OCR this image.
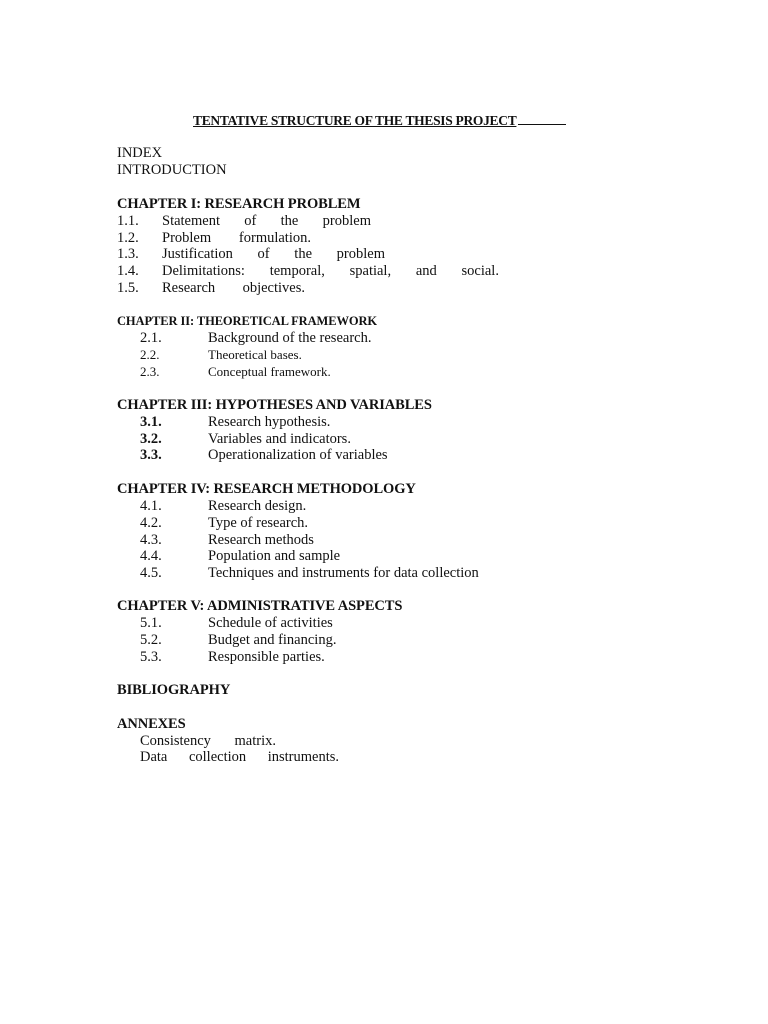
TENTATIVE STRUCTURE OF THE THESIS PROJECT
INDEX
INTRODUCTION
CHAPTER I: RESEARCH PROBLEM
1.1. Statement of the problem
1.2. Problem formulation.
1.3. Justification of the problem
1.4. Delimitations: temporal, spatial, and social.
1.5. Research objectives.
CHAPTER II: THEORETICAL FRAMEWORK
2.1.	Background of the research.
2.2.	Theoretical bases.
2.3.	Conceptual framework.
CHAPTER III: HYPOTHESES AND VARIABLES
3.1.	Research hypothesis.
3.2.	Variables and indicators.
3.3.	Operationalization of variables
CHAPTER IV: RESEARCH METHODOLOGY
4.1.	Research design.
4.2.	Type of research.
4.3.	Research methods
4.4.	Population and sample
4.5.	Techniques and instruments for data collection
CHAPTER V: ADMINISTRATIVE ASPECTS
5.1.	Schedule of activities
5.2.	Budget and financing.
5.3.	Responsible parties.
BIBLIOGRAPHY
ANNEXES
Consistency matrix.
Data collection instruments.
